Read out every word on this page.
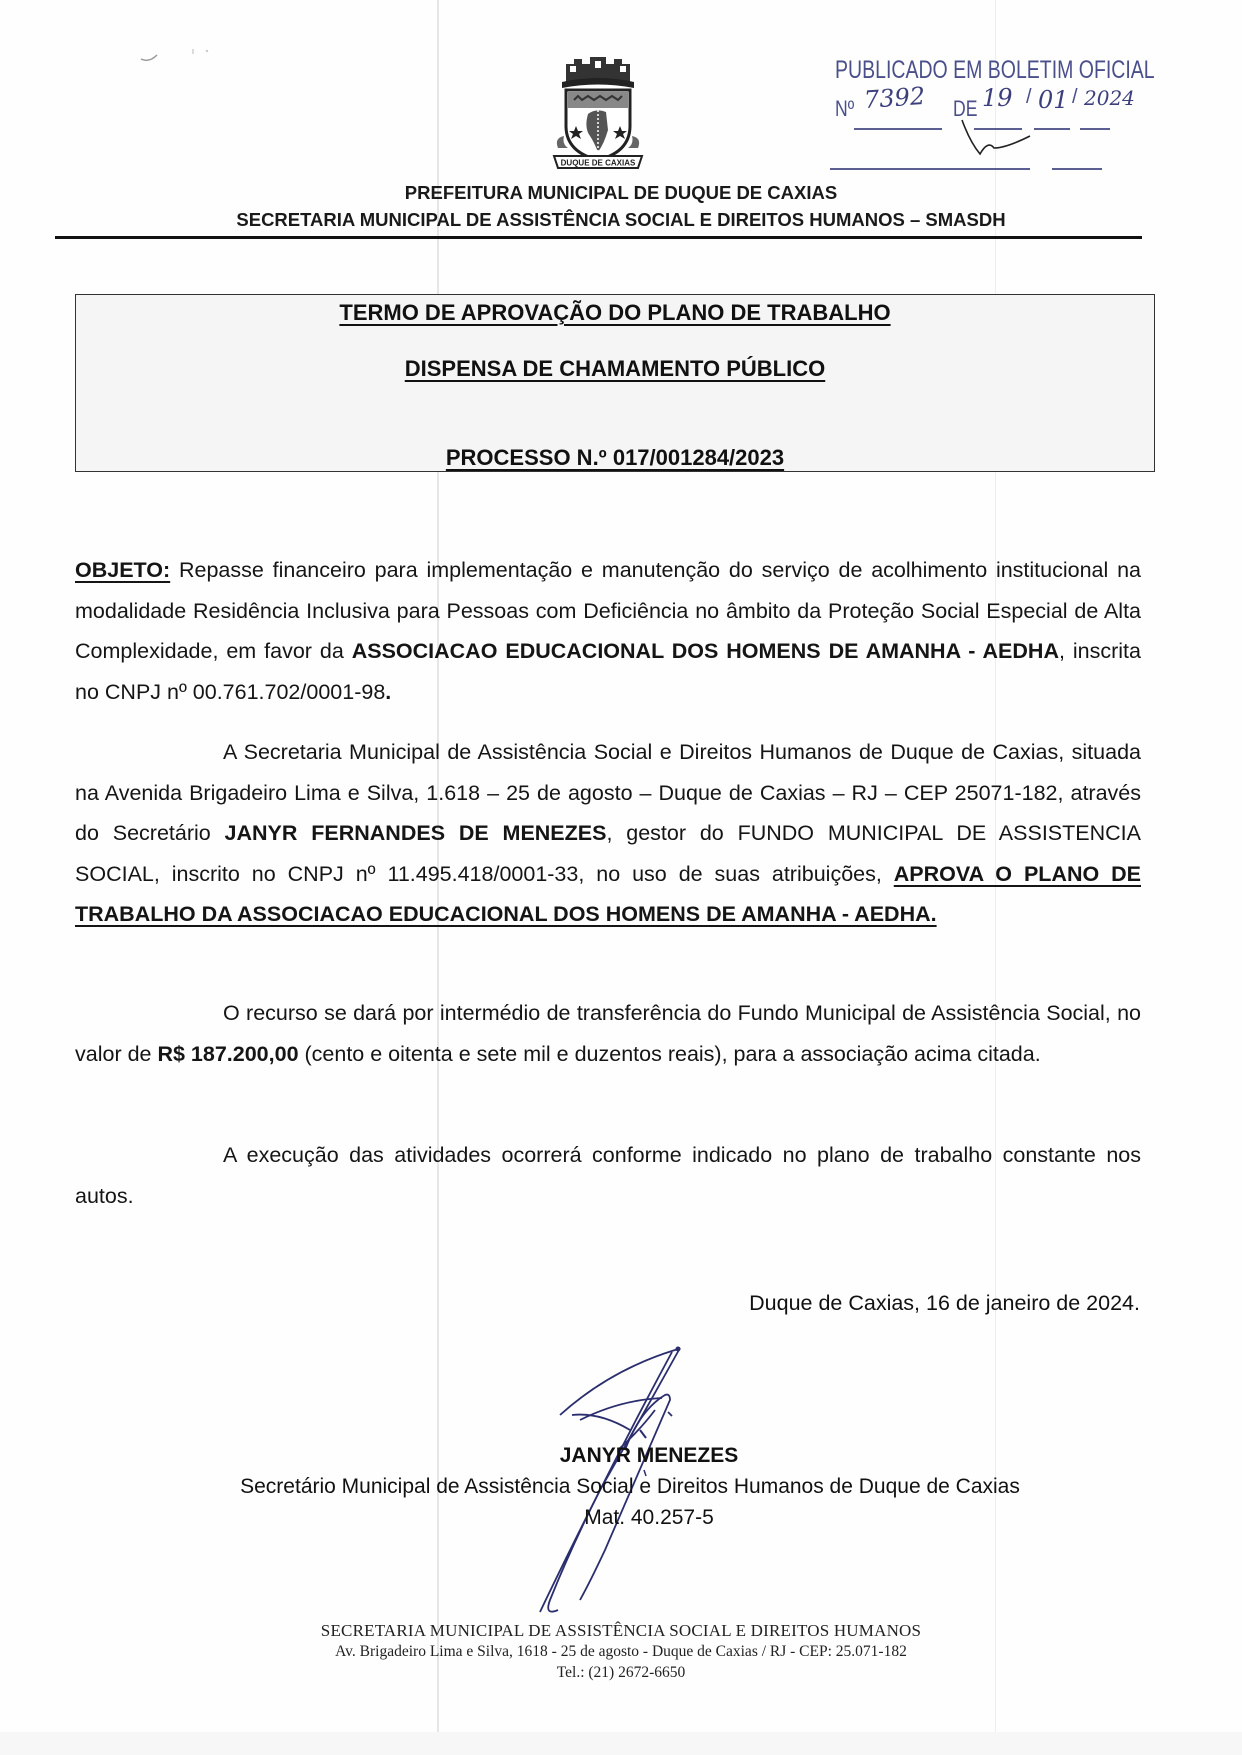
DUQUE DE CAXIAS
PUBLICADO EM BOLETIM OFICIAL
Nº 7392 DE 19 / 01 / 2024
PREFEITURA MUNICIPAL DE DUQUE DE CAXIAS
SECRETARIA MUNICIPAL DE ASSISTÊNCIA SOCIAL E DIREITOS HUMANOS – SMASDH
TERMO DE APROVAÇÃO DO PLANO DE TRABALHO
DISPENSA DE CHAMAMENTO PÚBLICO
PROCESSO N.º 017/001284/2023

OBJETO: Repasse financeiro para implementação e manutenção do serviço de acolhimento institucional na modalidade Residência Inclusiva para Pessoas com Deficiência no âmbito da Proteção Social Especial de Alta Complexidade, em favor da ASSOCIACAO EDUCACIONAL DOS HOMENS DE AMANHA - AEDHA, inscrita no CNPJ nº 00.761.702/0001-98.

A Secretaria Municipal de Assistência Social e Direitos Humanos de Duque de Caxias, situada na Avenida Brigadeiro Lima e Silva, 1.618 – 25 de agosto – Duque de Caxias – RJ – CEP 25071-182, através do Secretário JANYR FERNANDES DE MENEZES, gestor do FUNDO MUNICIPAL DE ASSISTENCIA SOCIAL, inscrito no CNPJ nº 11.495.418/0001-33, no uso de suas atribuições, APROVA O PLANO DE TRABALHO DA ASSOCIACAO EDUCACIONAL DOS HOMENS DE AMANHA - AEDHA.

O recurso se dará por intermédio de transferência do Fundo Municipal de Assistência Social, no valor de R$ 187.200,00 (cento e oitenta e sete mil e duzentos reais), para a associação acima citada.

A execução das atividades ocorrerá conforme indicado no plano de trabalho constante nos autos.

Duque de Caxias, 16 de janeiro de 2024.
JANYR MENEZES
Secretário Municipal de Assistência Social e Direitos Humanos de Duque de Caxias
Mat. 40.257-5
SECRETARIA MUNICIPAL DE ASSISTÊNCIA SOCIAL E DIREITOS HUMANOS
Av. Brigadeiro Lima e Silva, 1618 - 25 de agosto - Duque de Caxias / RJ - CEP: 25.071-182
Tel.: (21) 2672-6650
